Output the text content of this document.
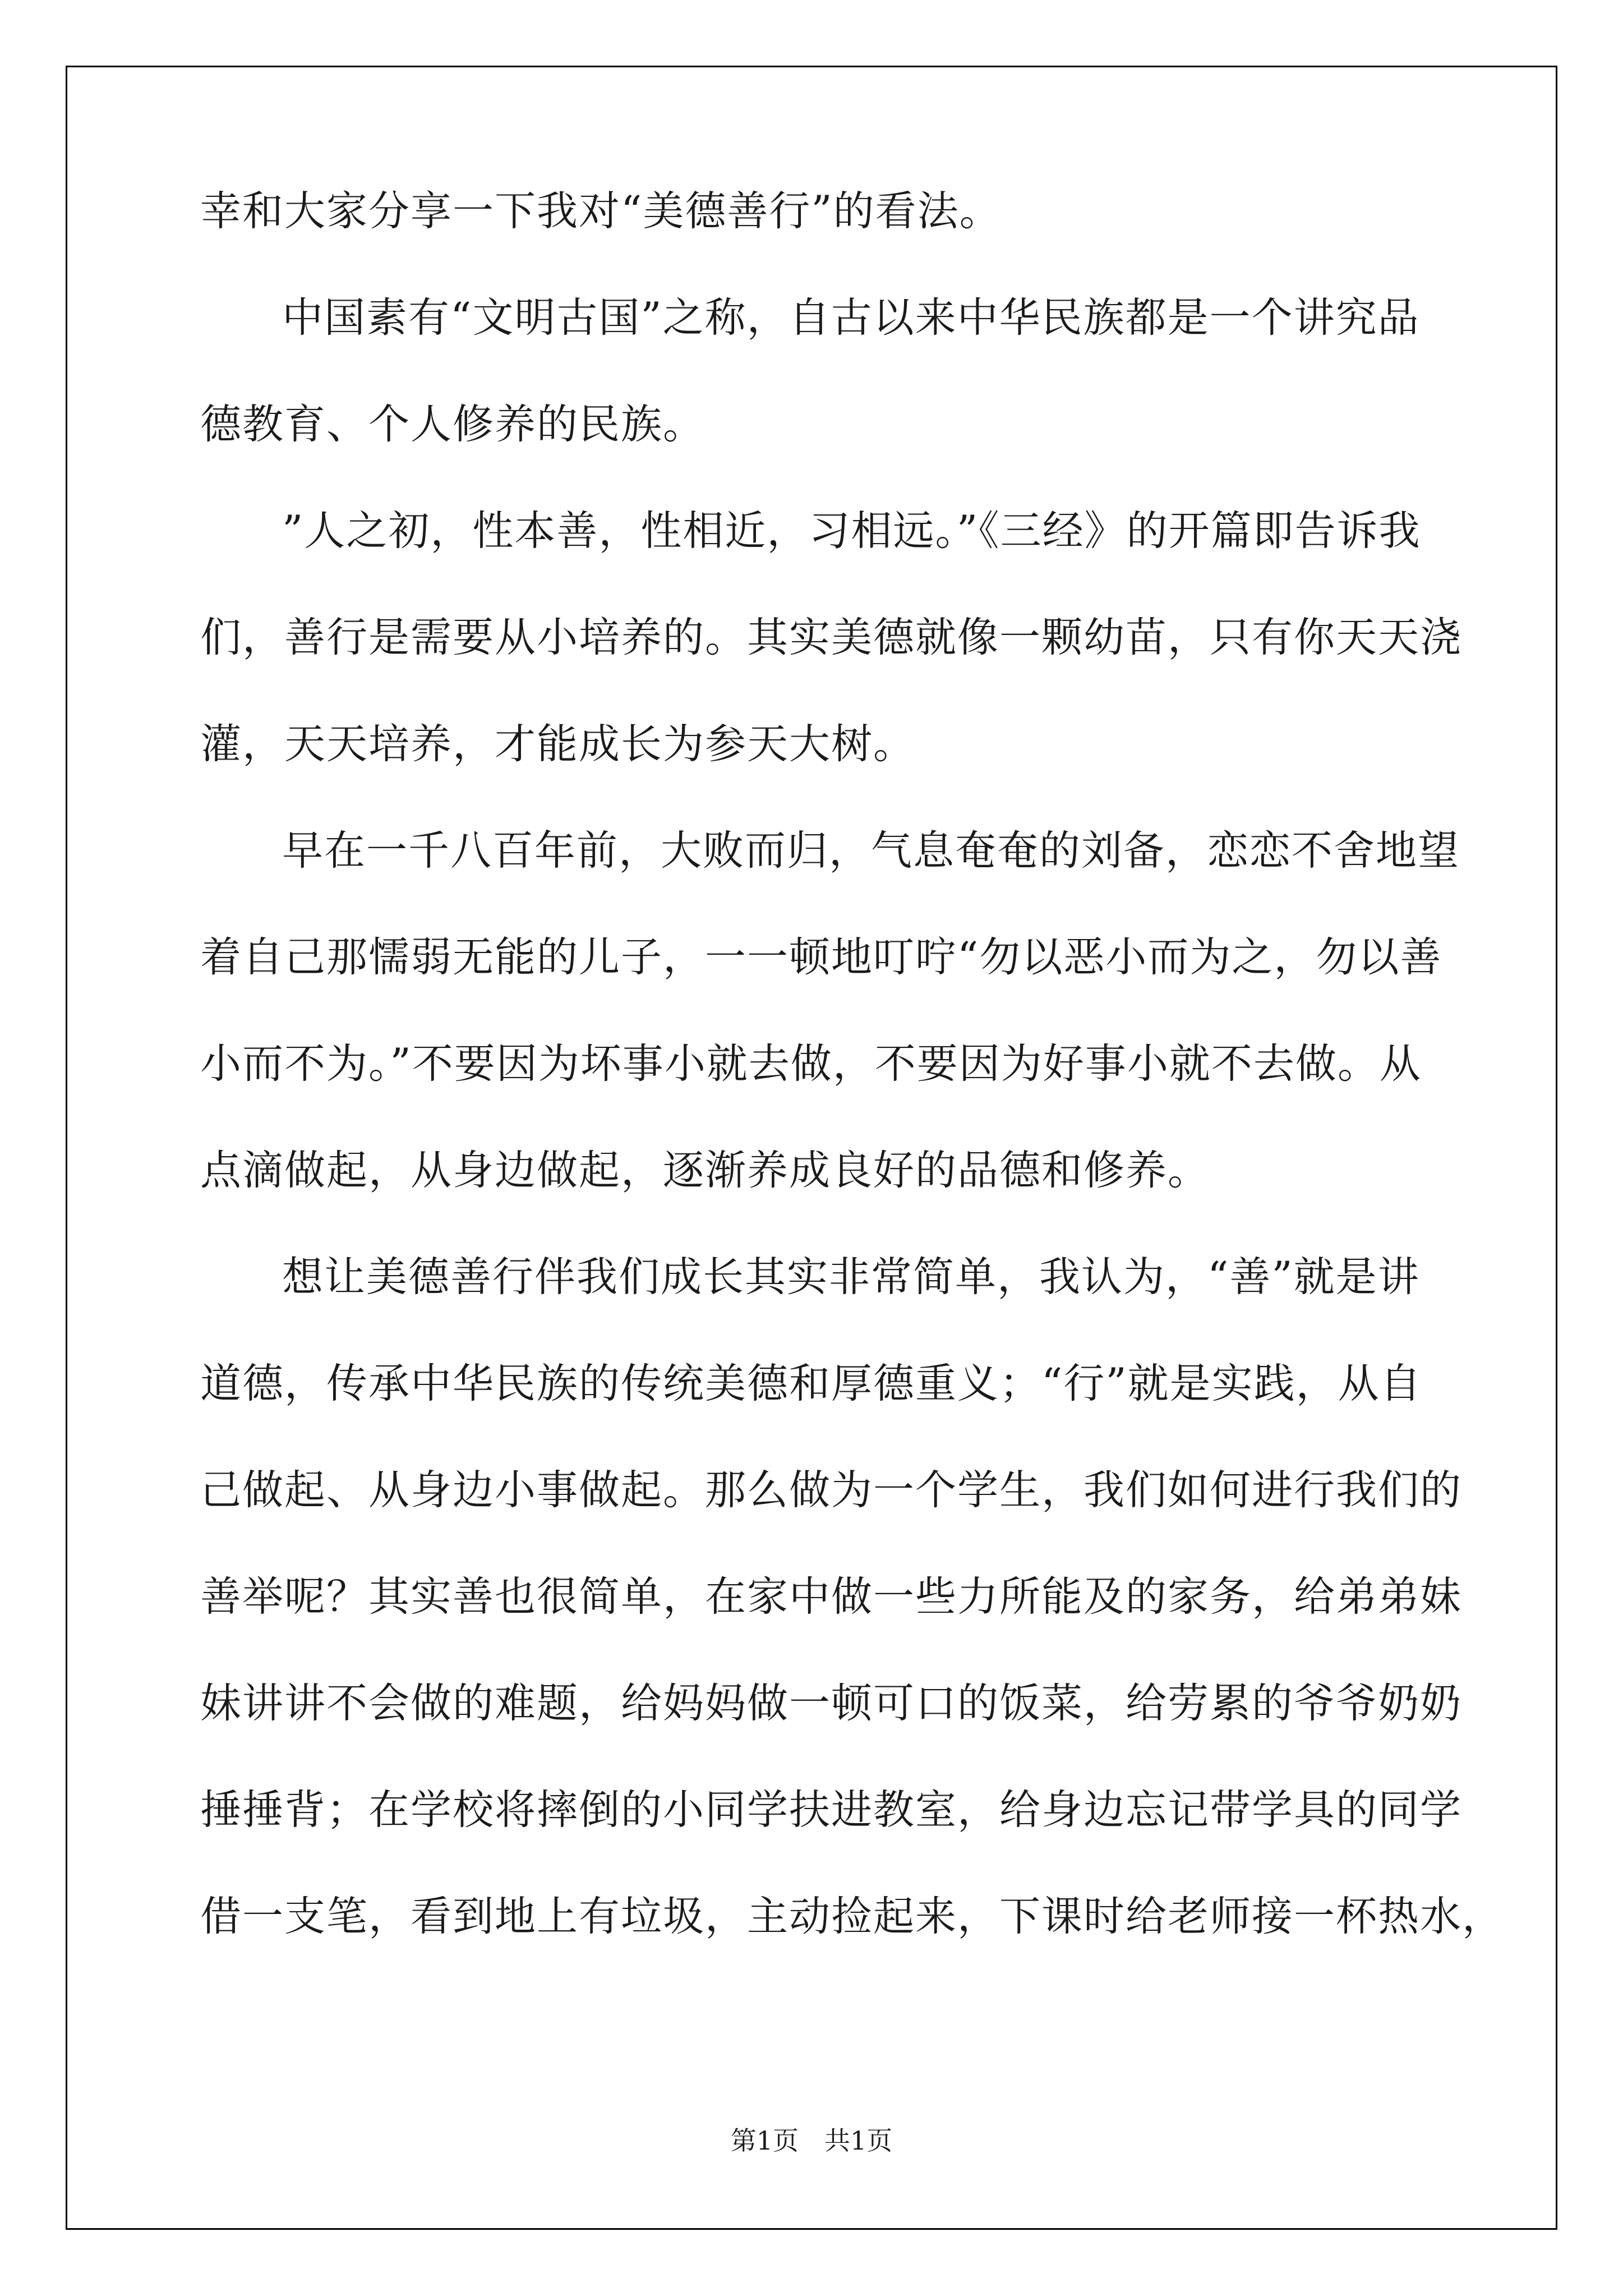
幸和大家分享一下我对“美德善行”的看法。
中国素有“文明古国”之称，自古以来中华民族都是一个讲究品
德教育、个人修养的民族。
”人之初，性本善，性相近，习相远。”《三经》的开篇即告诉我
们，善行是需要从小培养的。其实美德就像一颗幼苗，只有你天天浇
灌，天天培养，才能成长为参天大树。
早在一千八百年前，大败而归，气息奄奄的刘备，恋恋不舍地望
着自己那懦弱无能的儿子，一一顿地叮咛“勿以恶小而为之，勿以善
小而不为。”不要因为坏事小就去做，不要因为好事小就不去做。从
点滴做起，从身边做起，逐渐养成良好的品德和修养。
想让美德善行伴我们成长其实非常简单，我认为，“善”就是讲
道德，传承中华民族的传统美德和厚德重义；“行”就是实践，从自
己做起、从身边小事做起。那么做为一个学生，我们如何进行我们的
善举呢？其实善也很简单，在家中做一些力所能及的家务，给弟弟妹
妹讲讲不会做的难题，给妈妈做一顿可口的饭菜，给劳累的爷爷奶奶
捶捶背；在学校将摔倒的小同学扶进教室，给身边忘记带学具的同学
借一支笔，看到地上有垃圾，主动捡起来，下课时给老师接一杯热水，
第1页　共1页
